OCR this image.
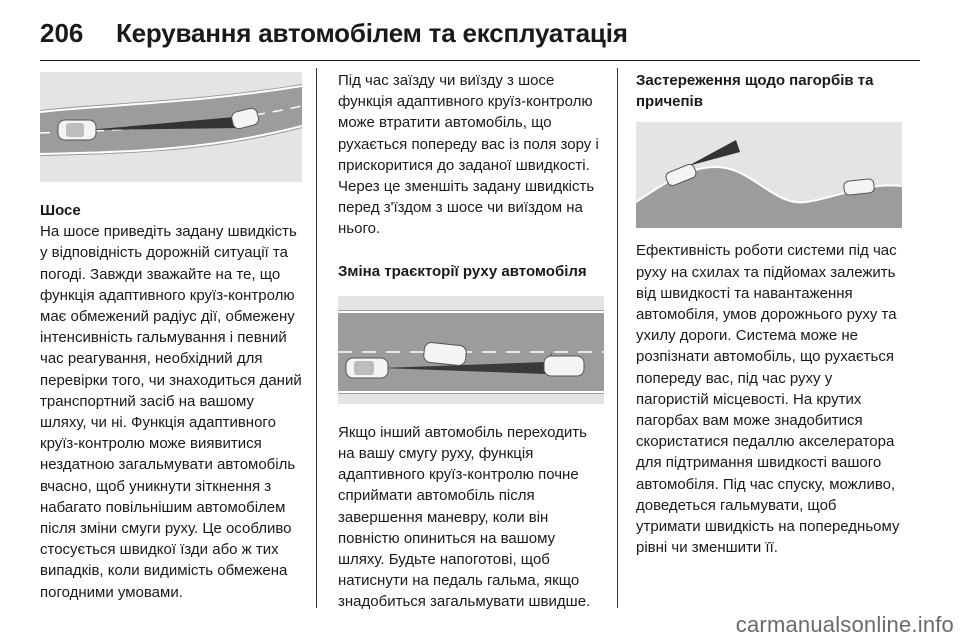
206 Керування автомобілем та експлуатація

Шосе

На шосе приведіть задану швидкість у відповідність дорожній ситуації та погоді. Завжди зважайте на те, що функція адаптивного круїз-контролю має обмежений радіус дії, обмежену інтенсивність гальмування і певний час реагування, необхідний для перевірки того, чи знаходиться даний транспортний засіб на вашому шляху, чи ні. Функція адаптивного круїз-контролю може виявитися нездатною загальмувати автомобіль вчасно, щоб уникнути зіткнення з набагато повільнішим автомобілем після зміни смуги руху. Це особливо стосується швидкої їзди або ж тих випадків, коли видимість обмежена погодними умовами.

Під час заїзду чи виїзду з шосе функція адаптивного круїз-контролю може втратити автомобіль, що рухається попереду вас із поля зору і прискоритися до заданої швидкості. Через це зменшіть задану швидкість перед з'їздом з шосе чи виїздом на нього.

Зміна траєкторії руху автомобіля

Якщо інший автомобіль переходить на вашу смугу руху, функція адаптивного круїз-контролю почне сприймати автомобіль після завершення маневру, коли він повністю опиниться на вашому шляху. Будьте напоготові, щоб натиснути на педаль гальма, якщо знадобиться загальмувати швидше.

Застереження щодо пагорбів та причепів

Ефективність роботи системи під час руху на схилах та підйомах залежить від швидкості та навантаження автомобіля, умов дорожнього руху та ухилу дороги. Система може не розпізнати автомобіль, що рухається попереду вас, під час руху у пагористій місцевості. На крутих пагорбах вам може знадобитися скористатися педаллю акселератора для підтримання швидкості вашого автомобіля. Під час спуску, можливо, доведеться гальмувати, щоб утримати швидкість на попередньому рівні чи зменшити її.

carmanualsonline.info
